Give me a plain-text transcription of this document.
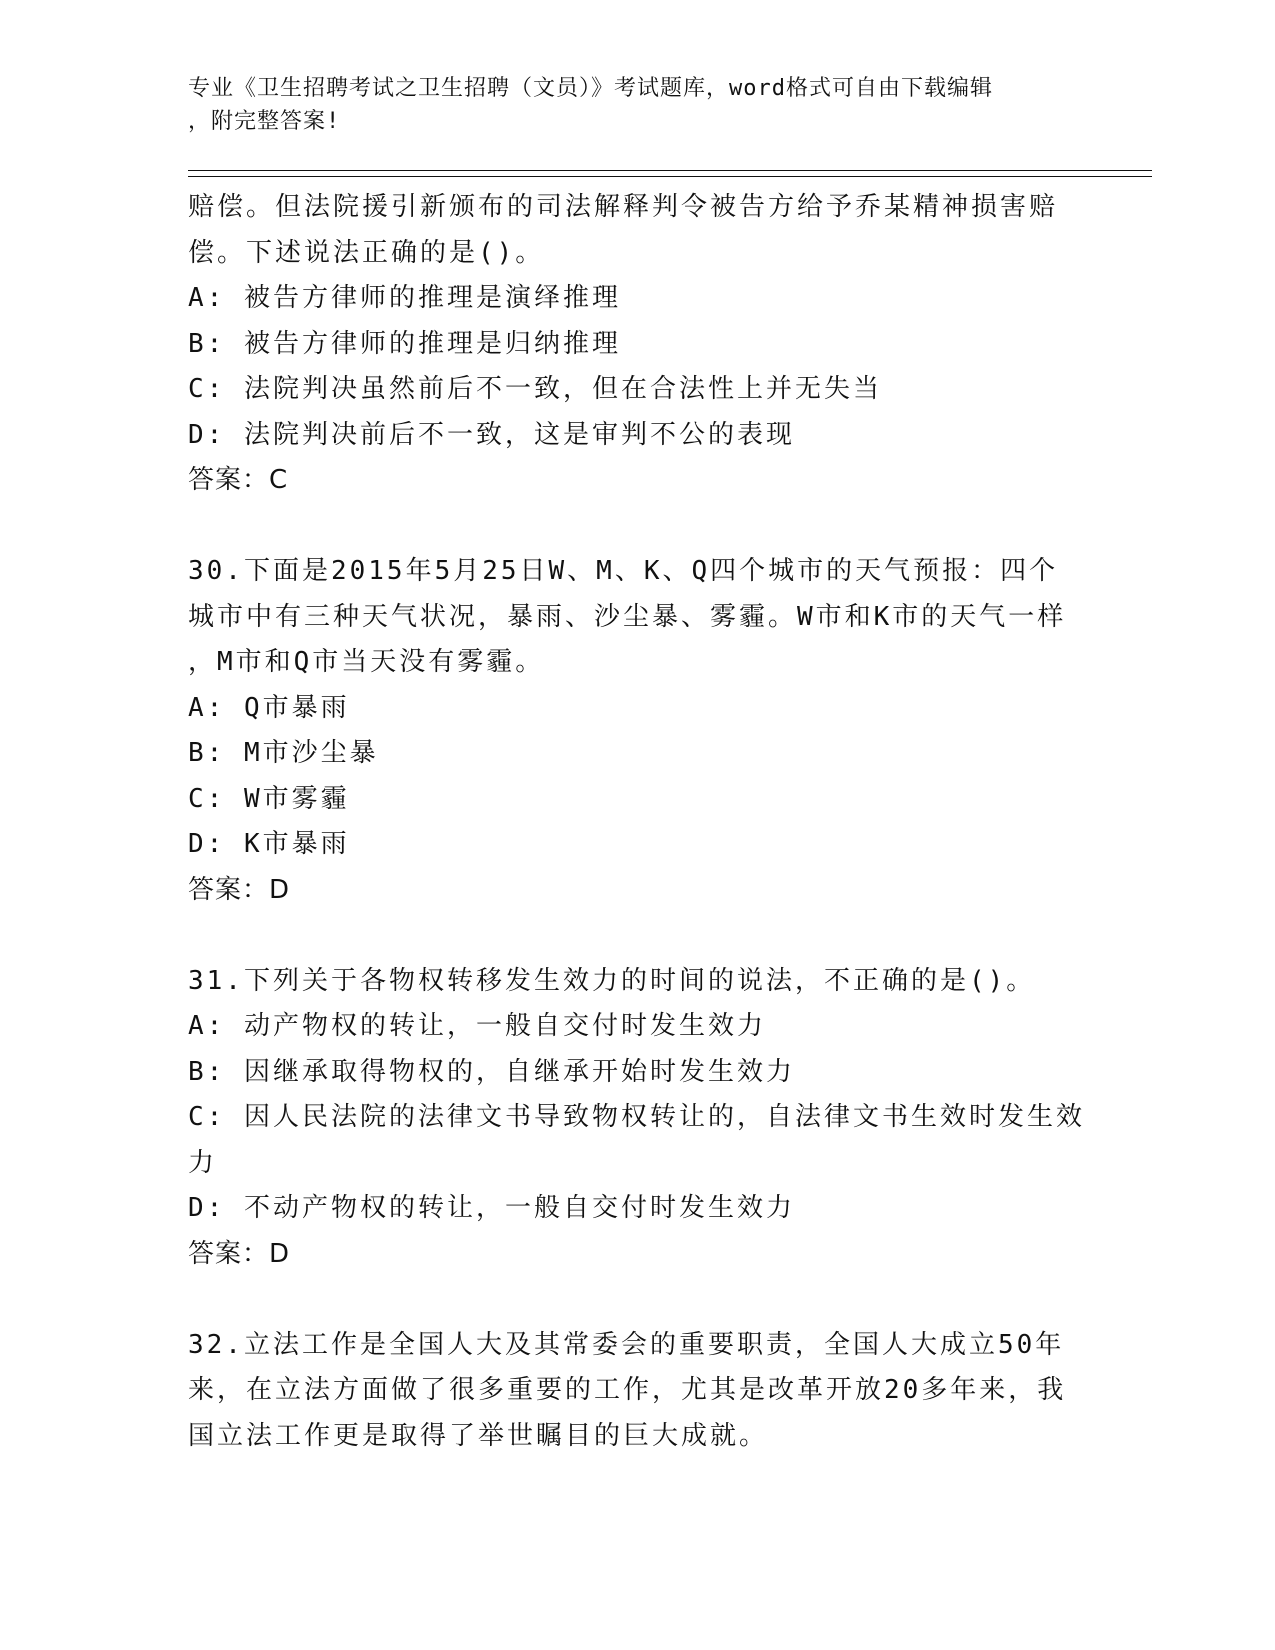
专业《卫生招聘考试之卫生招聘（文员）》考试题库，word格式可自由下载编辑
，附完整答案!
赔偿。但法院援引新颁布的司法解释判令被告方给予乔某精神损害赔
偿。下述说法正确的是()。
A: 被告方律师的推理是演绎推理
B: 被告方律师的推理是归纳推理
C: 法院判决虽然前后不一致，但在合法性上并无失当
D: 法院判决前后不一致，这是审判不公的表现
答案：C
30.下面是2015年5月25日W、M、K、Q四个城市的天气预报：四个
城市中有三种天气状况，暴雨、沙尘暴、雾霾。W市和K市的天气一样
，M市和Q市当天没有雾霾。
A: Q市暴雨
B: M市沙尘暴
C: W市雾霾
D: K市暴雨
答案：D
31.下列关于各物权转移发生效力的时间的说法，不正确的是()。
A: 动产物权的转让，一般自交付时发生效力
B: 因继承取得物权的，自继承开始时发生效力
C: 因人民法院的法律文书导致物权转让的，自法律文书生效时发生效
力
D: 不动产物权的转让，一般自交付时发生效力
答案：D
32.立法工作是全国人大及其常委会的重要职责，全国人大成立50年
来，在立法方面做了很多重要的工作，尤其是改革开放20多年来，我
国立法工作更是取得了举世瞩目的巨大成就。
